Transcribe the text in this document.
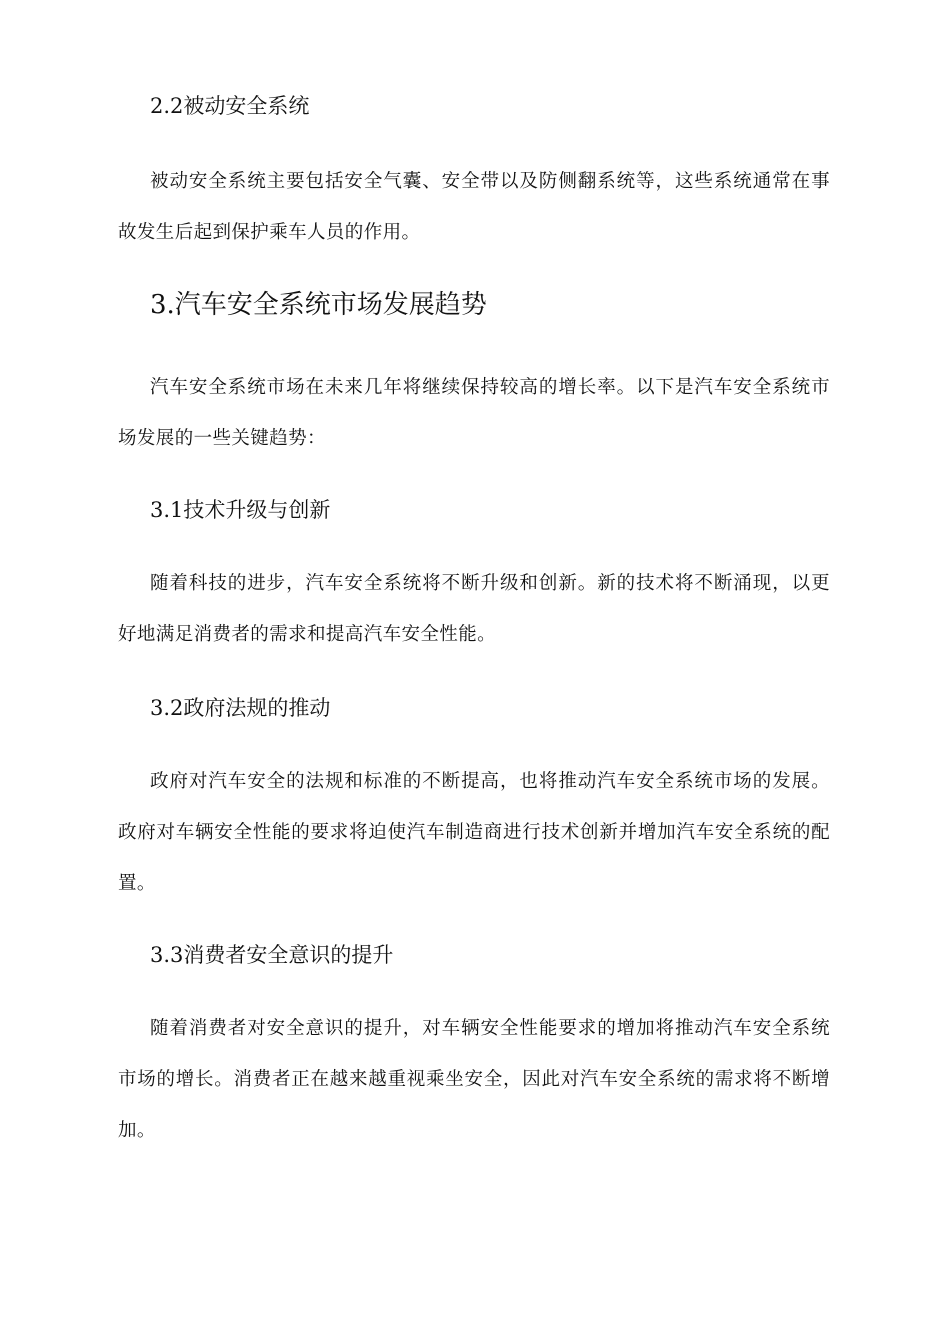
2.2被动安全系统

被动安全系统主要包括安全气囊、安全带以及防侧翻系统等，这些系统通常在事故发生后起到保护乘车人员的作用。

3.汽车安全系统市场发展趋势

汽车安全系统市场在未来几年将继续保持较高的增长率。以下是汽车安全系统市场发展的一些关键趋势：

3.1技术升级与创新

随着科技的进步，汽车安全系统将不断升级和创新。新的技术将不断涌现，以更好地满足消费者的需求和提高汽车安全性能。

3.2政府法规的推动

政府对汽车安全的法规和标准的不断提高，也将推动汽车安全系统市场的发展。政府对车辆安全性能的要求将迫使汽车制造商进行技术创新并增加汽车安全系统的配置。

3.3消费者安全意识的提升

随着消费者对安全意识的提升，对车辆安全性能要求的增加将推动汽车安全系统市场的增长。消费者正在越来越重视乘坐安全，因此对汽车安全系统的需求将不断增加。
